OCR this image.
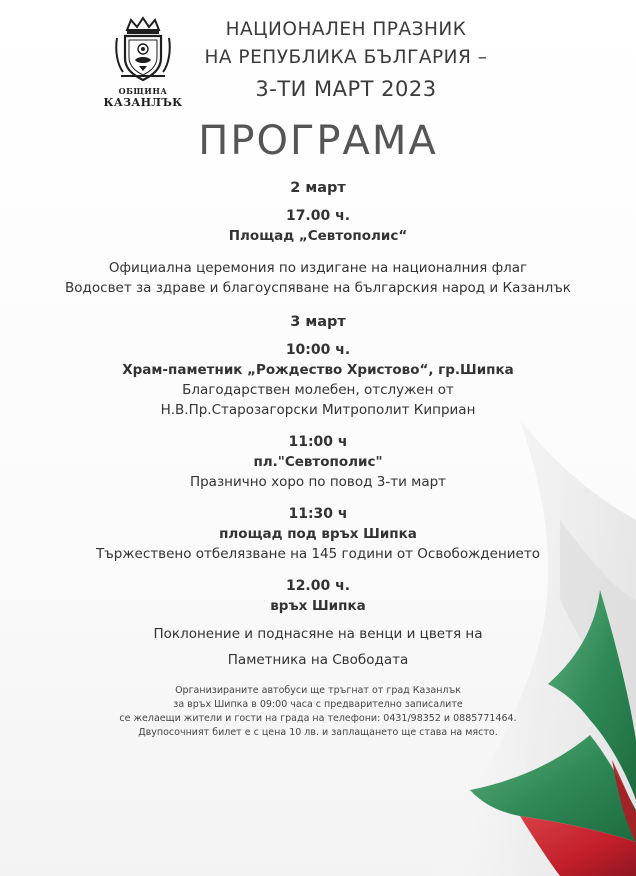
ОБЩИНА
КАЗАНЛЪК
НАЦИОНАЛЕН ПРАЗНИК
НА РЕПУБЛИКА БЪЛГАРИЯ –
3-ТИ МАРТ 2023
ПРОГРАМА
2 март
17.00 ч.
Площад „Севтополис“
Официална церемония по издигане на националния флаг
Водосвет за здраве и благоуспяване на българския народ и Казанлък
3 март
10:00 ч.
Храм-паметник „Рождество Христово“, гр.Шипка
Благодарствен молебен, отслужен от
Н.В.Пр.Старозагорски Митрополит Киприан
11:00 ч
пл."Севтополис"
Празнично хоро по повод 3-ти март
11:30 ч
площад под връх Шипка
Тържествено отбелязване на 145 години от Освобождението
12.00 ч.
връх Шипка
Поклонение и поднасяне на венци и цветя на
Паметника на Свободата
Организираните автобуси ще тръгнат от град Казанлък
за връх Шипка в 09:00 часа с предварително записалите
се желаещи жители и гости на града на телефони: 0431/98352 и 0885771464.
Двупосочният билет е с цена 10 лв. и заплащането ще става на място.
